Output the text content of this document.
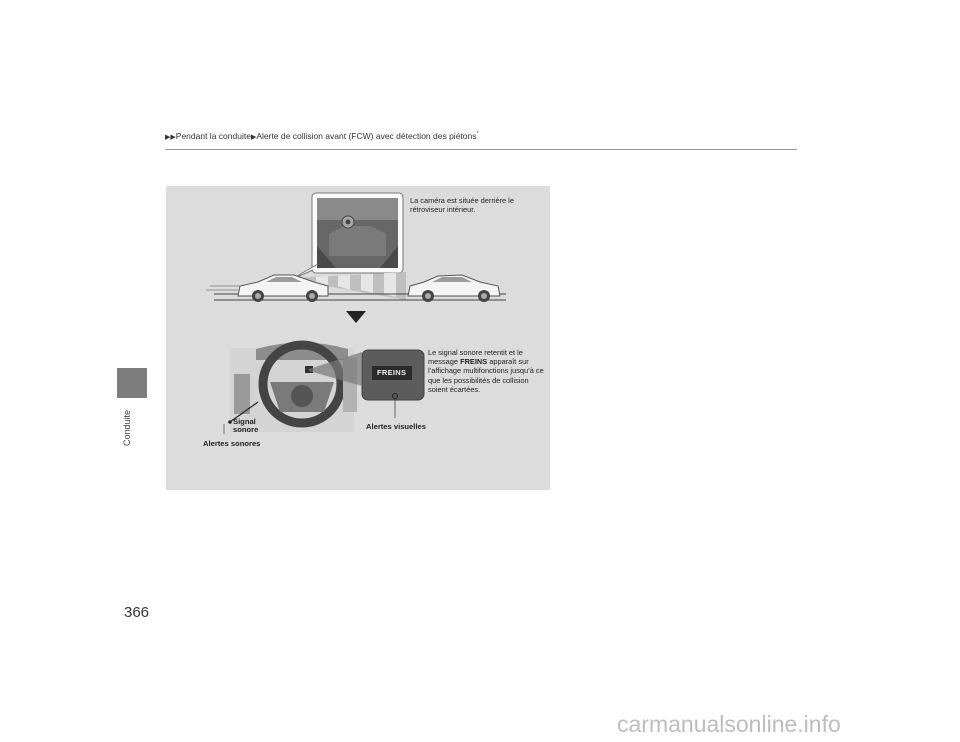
Conduite
▶▶Pendant la conduite▶Alerte de collision avant (FCW) avec détection des piétons*
La caméra est située derrière le rétroviseur intérieur.
Le signal sonore retentit et le message FREINS apparaît sur l’affichage multifonctions jusqu’à ce que les possibilités de collision soient écartées.
FREINS
Signal
sonore
Alertes sonores
Alertes visuelles
366
carmanualsonline.info
